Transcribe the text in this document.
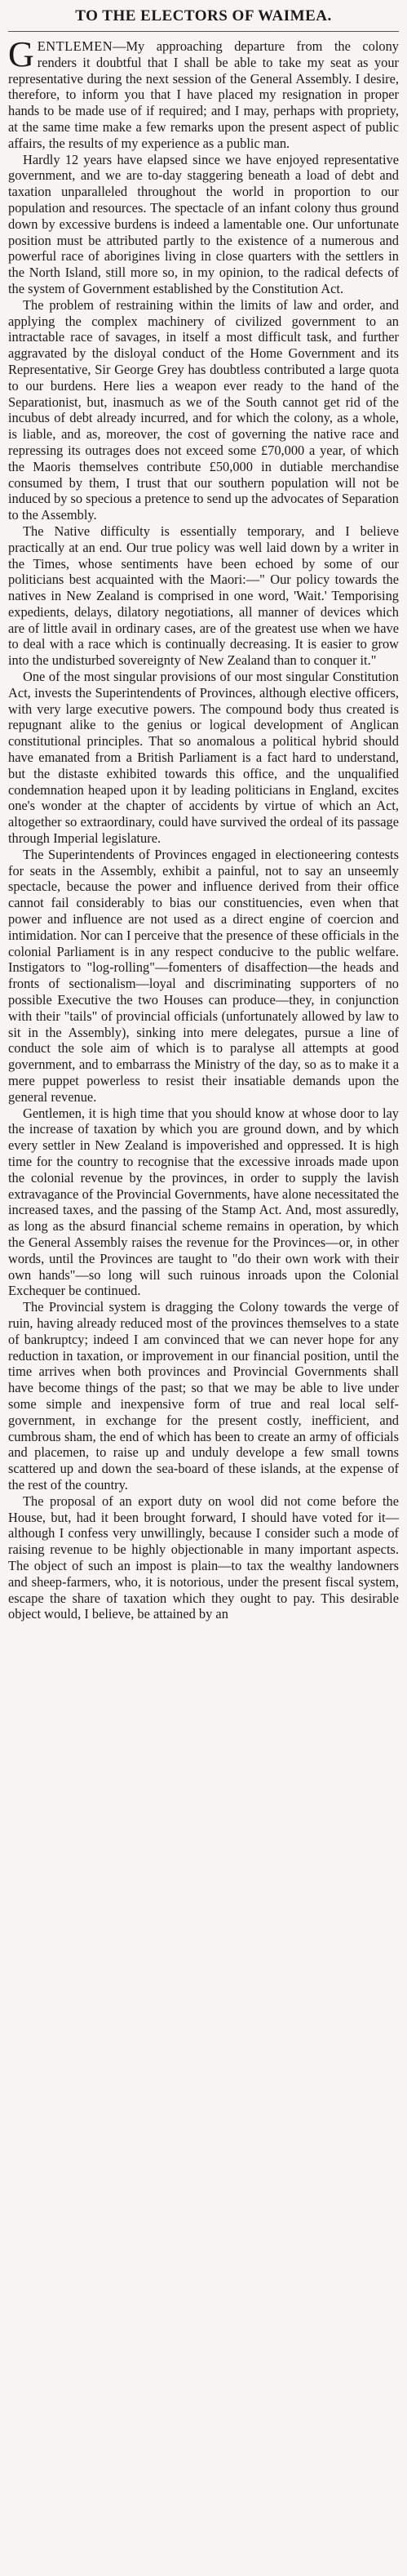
TO THE ELECTORS OF WAIMEA.

GENTLEMEN—My approaching departure from the colony renders it doubtful that I shall be able to take my seat as your representative during the next session of the General Assembly. I desire, therefore, to inform you that I have placed my resignation in proper hands to be made use of if required; and I may, perhaps with propriety, at the same time make a few remarks upon the present aspect of public affairs, the results of my experience as a public man.

Hardly 12 years have elapsed since we have enjoyed representative government, and we are to-day staggering beneath a load of debt and taxation unparalleled throughout the world in proportion to our population and resources. The spectacle of an infant colony thus ground down by excessive burdens is indeed a lamentable one. Our unfortunate position must be attributed partly to the existence of a numerous and powerful race of aborigines living in close quarters with the settlers in the North Island, still more so, in my opinion, to the radical defects of the system of Government established by the Constitution Act.

The problem of restraining within the limits of law and order, and applying the complex machinery of civilized government to an intractable race of savages, in itself a most difficult task, and further aggravated by the disloyal conduct of the Home Government and its Representative, Sir George Grey has doubtless contributed a large quota to our burdens. Here lies a weapon ever ready to the hand of the Separationist, but, inasmuch as we of the South cannot get rid of the incubus of debt already incurred, and for which the colony, as a whole, is liable, and as, moreover, the cost of governing the native race and repressing its outrages does not exceed some £70,000 a year, of which the Maoris themselves contribute £50,000 in dutiable merchandise consumed by them, I trust that our southern population will not be induced by so specious a pretence to send up the advocates of Separation to the Assembly.

The Native difficulty is essentially temporary, and I believe practically at an end. Our true policy was well laid down by a writer in the Times, whose sentiments have been echoed by some of our politicians best acquainted with the Maori:—" Our policy towards the natives in New Zealand is comprised in one word, 'Wait.' Temporising expedients, delays, dilatory negotiations, all manner of devices which are of little avail in ordinary cases, are of the greatest use when we have to deal with a race which is continually decreasing. It is easier to grow into the undisturbed sovereignty of New Zealand than to conquer it."

One of the most singular provisions of our most singular Constitution Act, invests the Superintendents of Provinces, although elective officers, with very large executive powers. The compound body thus created is repugnant alike to the genius or logical development of Anglican constitutional principles. That so anomalous a political hybrid should have emanated from a British Parliament is a fact hard to understand, but the distaste exhibited towards this office, and the unqualified condemnation heaped upon it by leading politicians in England, excites one's wonder at the chapter of accidents by virtue of which an Act, altogether so extraordinary, could have survived the ordeal of its passage through Imperial legislature.

The Superintendents of Provinces engaged in electioneering contests for seats in the Assembly, exhibit a painful, not to say an unseemly spectacle, because the power and influence derived from their office cannot fail considerably to bias our constituencies, even when that power and influence are not used as a direct engine of coercion and intimidation. Nor can I perceive that the presence of these officials in the colonial Parliament is in any respect conducive to the public welfare. Instigators to "log-rolling"—fomenters of disaffection—the heads and fronts of sectionalism—loyal and discriminating supporters of no possible Executive the two Houses can produce—they, in conjunction with their "tails" of provincial officials (unfortunately allowed by law to sit in the Assembly), sinking into mere delegates, pursue a line of conduct the sole aim of which is to paralyse all attempts at good government, and to embarrass the Ministry of the day, so as to make it a mere puppet powerless to resist their insatiable demands upon the general revenue.

Gentlemen, it is high time that you should know at whose door to lay the increase of taxation by which you are ground down, and by which every settler in New Zealand is impoverished and oppressed. It is high time for the country to recognise that the excessive inroads made upon the colonial revenue by the provinces, in order to supply the lavish extravagance of the Provincial Governments, have alone necessitated the increased taxes, and the passing of the Stamp Act. And, most assuredly, as long as the absurd financial scheme remains in operation, by which the General Assembly raises the revenue for the Provinces—or, in other words, until the Provinces are taught to "do their own work with their own hands"—so long will such ruinous inroads upon the Colonial Exchequer be continued.

The Provincial system is dragging the Colony towards the verge of ruin, having already reduced most of the provinces themselves to a state of bankruptcy; indeed I am convinced that we can never hope for any reduction in taxation, or improvement in our financial position, until the time arrives when both provinces and Provincial Governments shall have become things of the past; so that we may be able to live under some simple and inexpensive form of true and real local self-government, in exchange for the present costly, inefficient, and cumbrous sham, the end of which has been to create an army of officials and placemen, to raise up and unduly develope a few small towns scattered up and down the sea-board of these islands, at the expense of the rest of the country.

The proposal of an export duty on wool did not come before the House, but, had it been brought forward, I should have voted for it—although I confess very unwillingly, because I consider such a mode of raising revenue to be highly objectionable in many important aspects. The object of such an impost is plain—to tax the wealthy landowners and sheep-farmers, who, it is notorious, under the present fiscal system, escape the share of taxation which they ought to pay. This desirable object would, I believe, be attained by an
